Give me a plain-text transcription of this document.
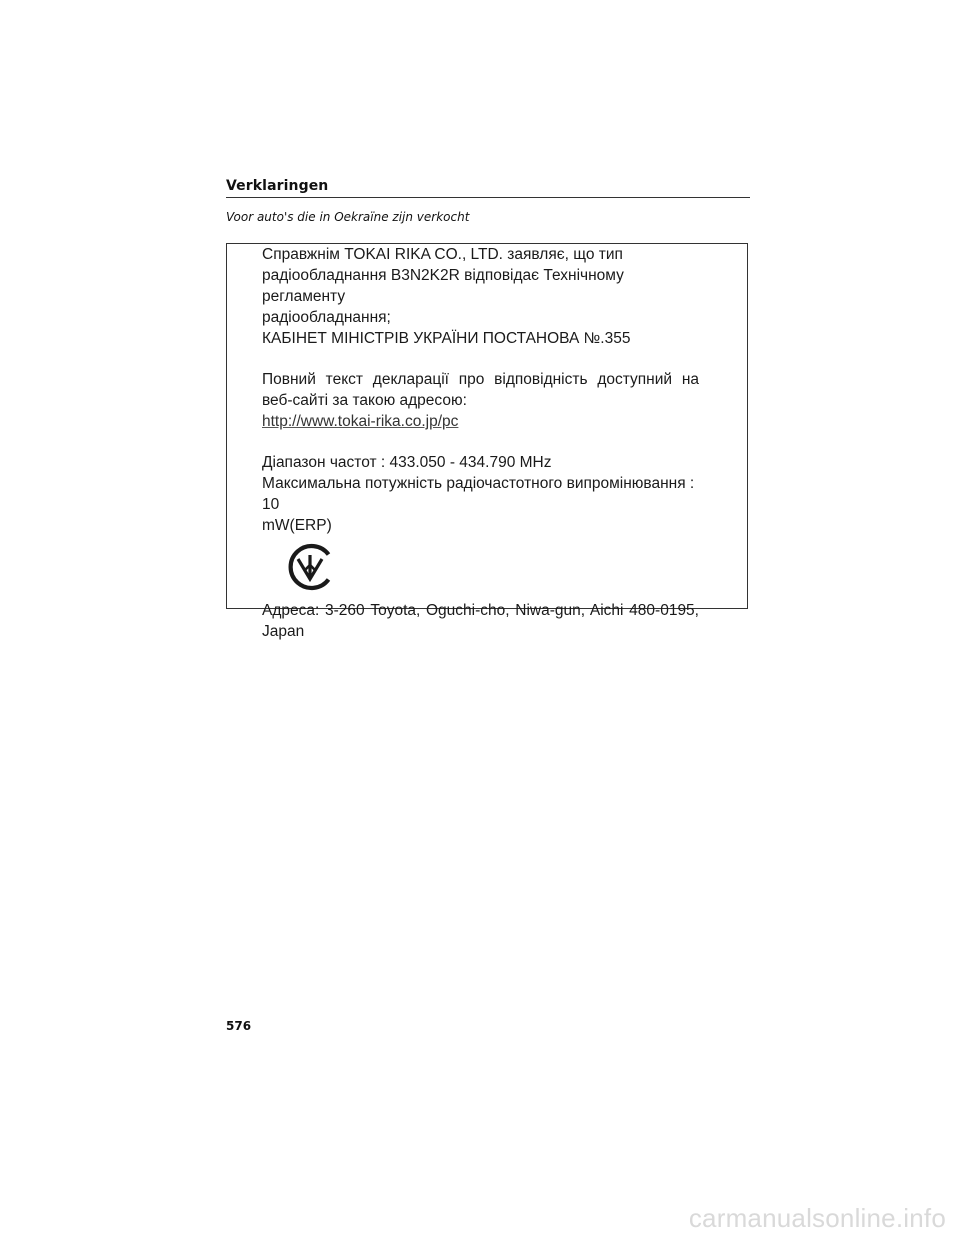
Verklaringen
Voor auto's die in Oekraïne zijn verkocht
Справжнім TOKAI RIKA CO., LTD. заявляє, що тип
радіообладнання B3N2K2R відповідає Технічному регламенту
радіообладнання;
КАБІНЕТ МІНІСТРІВ УКРАЇНИ ПОСТАНОВА №.355
Повний текст декларації про відповідність доступний на
веб-сайті за такою адресою:
http://www.tokai-rika.co.jp/pc
Діапазон частот : 433.050 - 434.790 MHz
Максимальна потужність радіочастотного випромінювання : 10
mW(ERP)
Адреса: 3-260 Toyota, Oguchi-cho, Niwa-gun, Aichi 480-0195,
Japan
576
carmanualsonline.info
